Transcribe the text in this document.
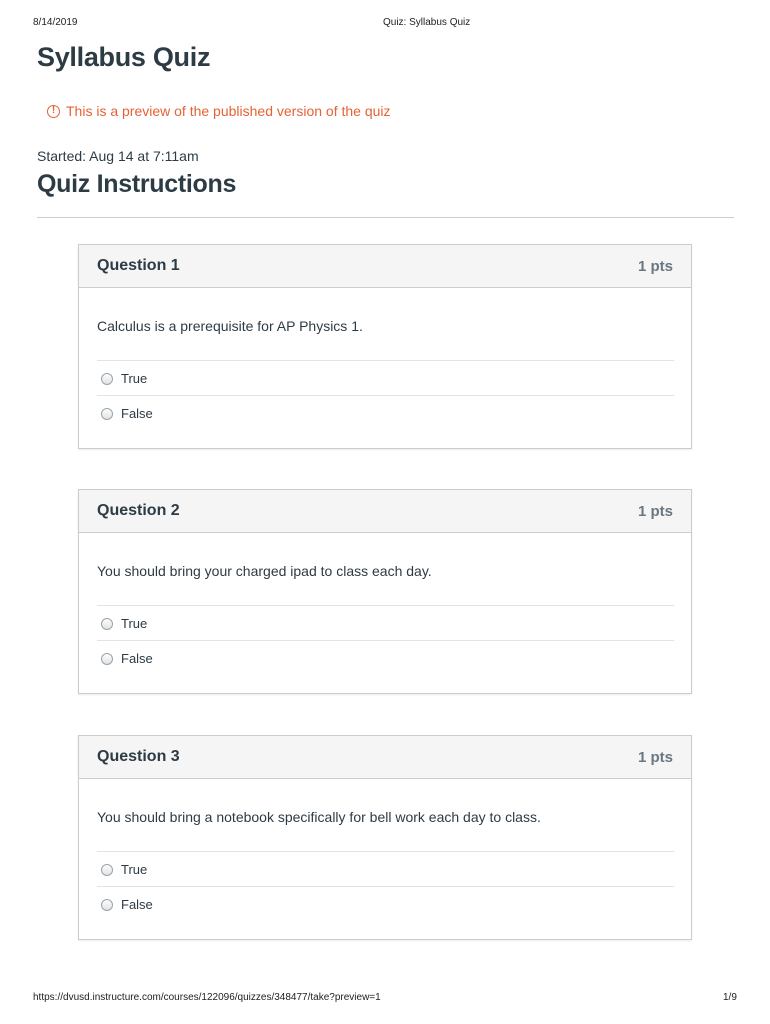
8/14/2019	Quiz: Syllabus Quiz
Syllabus Quiz
! This is a preview of the published version of the quiz
Started: Aug 14 at 7:11am
Quiz Instructions
Question 1	1 pts
Calculus is a prerequisite for AP Physics 1.
True
False
Question 2	1 pts
You should bring your charged ipad to class each day.
True
False
Question 3	1 pts
You should bring a notebook specifically for bell work each day to class.
True
False
https://dvusd.instructure.com/courses/122096/quizzes/348477/take?preview=1	1/9
